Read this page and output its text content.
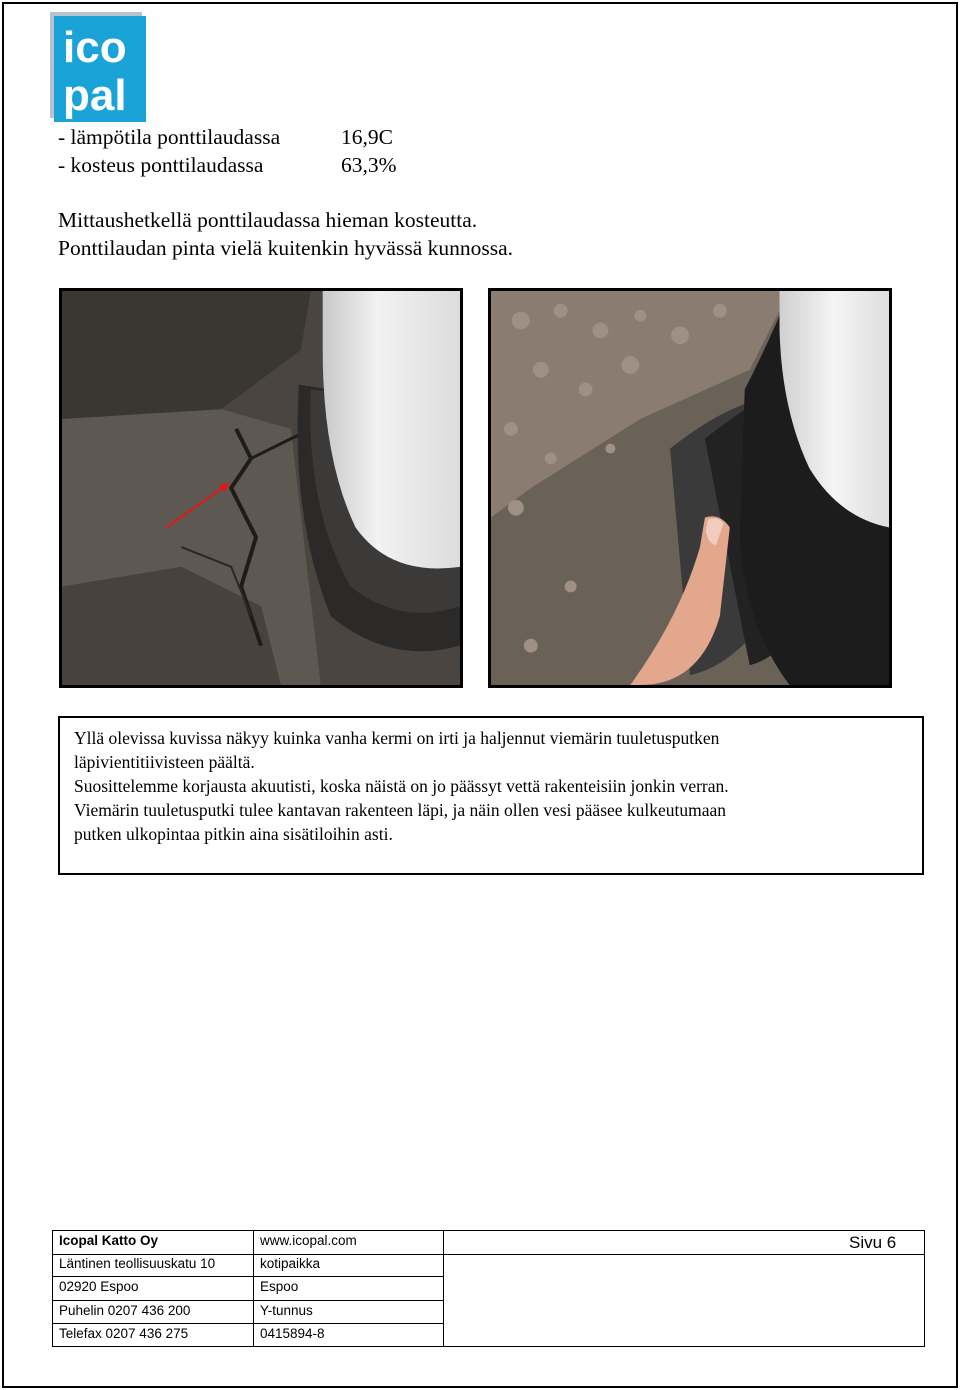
ico
pal
- lämpötila ponttilaudassa	16,9C
- kosteus ponttilaudassa	63,3%
Mittaushetkellä ponttilaudassa hieman kosteutta.
Ponttilaudan pinta vielä kuitenkin hyvässä kunnossa.

Yllä olevissa kuvissa näkyy kuinka vanha kermi on irti ja haljennut viemärin tuuletusputken

läpivientitiivisteen päältä.

Suosittelemme korjausta akuutisti, koska näistä on jo päässyt vettä rakenteisiin jonkin verran.

Viemärin tuuletusputki tulee kantavan rakenteen läpi, ja näin ollen vesi pääsee kulkeutumaan

putken ulkopintaa pitkin aina sisätiloihin asti.

Icopal Katto Oy	www.icopal.com
Läntinen teollisuuskatu 10	kotipaikka
02920 Espoo	Espoo
Puhelin 0207 436 200	Y-tunnus
Telefax 0207 436 275	0415894-8
Sivu 6
